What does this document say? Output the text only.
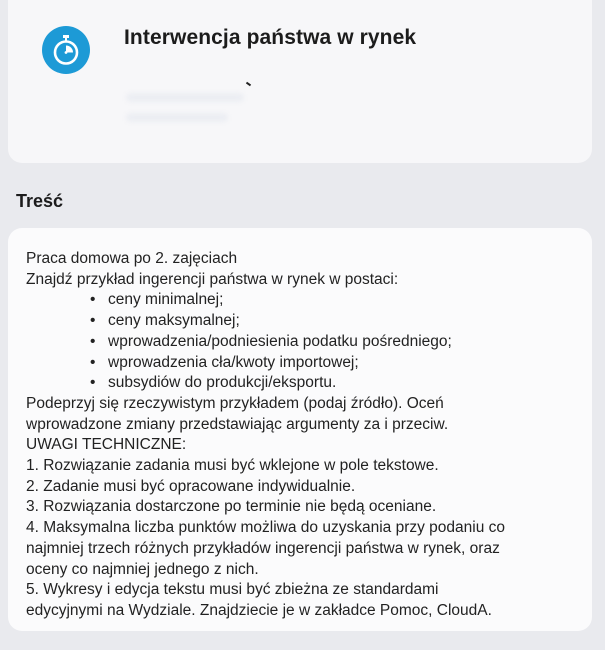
Interwencja państwa w rynek
Treść
Praca domowa po 2. zajęciach
Znajdź przykład ingerencji państwa w rynek w postaci:
• ceny minimalnej;
• ceny maksymalnej;
• wprowadzenia/podniesienia podatku pośredniego;
• wprowadzenia cła/kwoty importowej;
• subsydiów do produkcji/eksportu.
Podeprzyj się rzeczywistym przykładem (podaj źródło). Oceń
wprowadzone zmiany przedstawiając argumenty za i przeciw.
UWAGI TECHNICZNE:
1. Rozwiązanie zadania musi być wklejone w pole tekstowe.
2. Zadanie musi być opracowane indywidualnie.
3. Rozwiązania dostarczone po terminie nie będą oceniane.
4. Maksymalna liczba punktów możliwa do uzyskania przy podaniu co
najmniej trzech różnych przykładów ingerencji państwa w rynek, oraz
oceny co najmniej jednego z nich.
5. Wykresy i edycja tekstu musi być zbieżna ze standardami
edycyjnymi na Wydziale. Znajdziecie je w zakładce Pomoc, CloudA.
